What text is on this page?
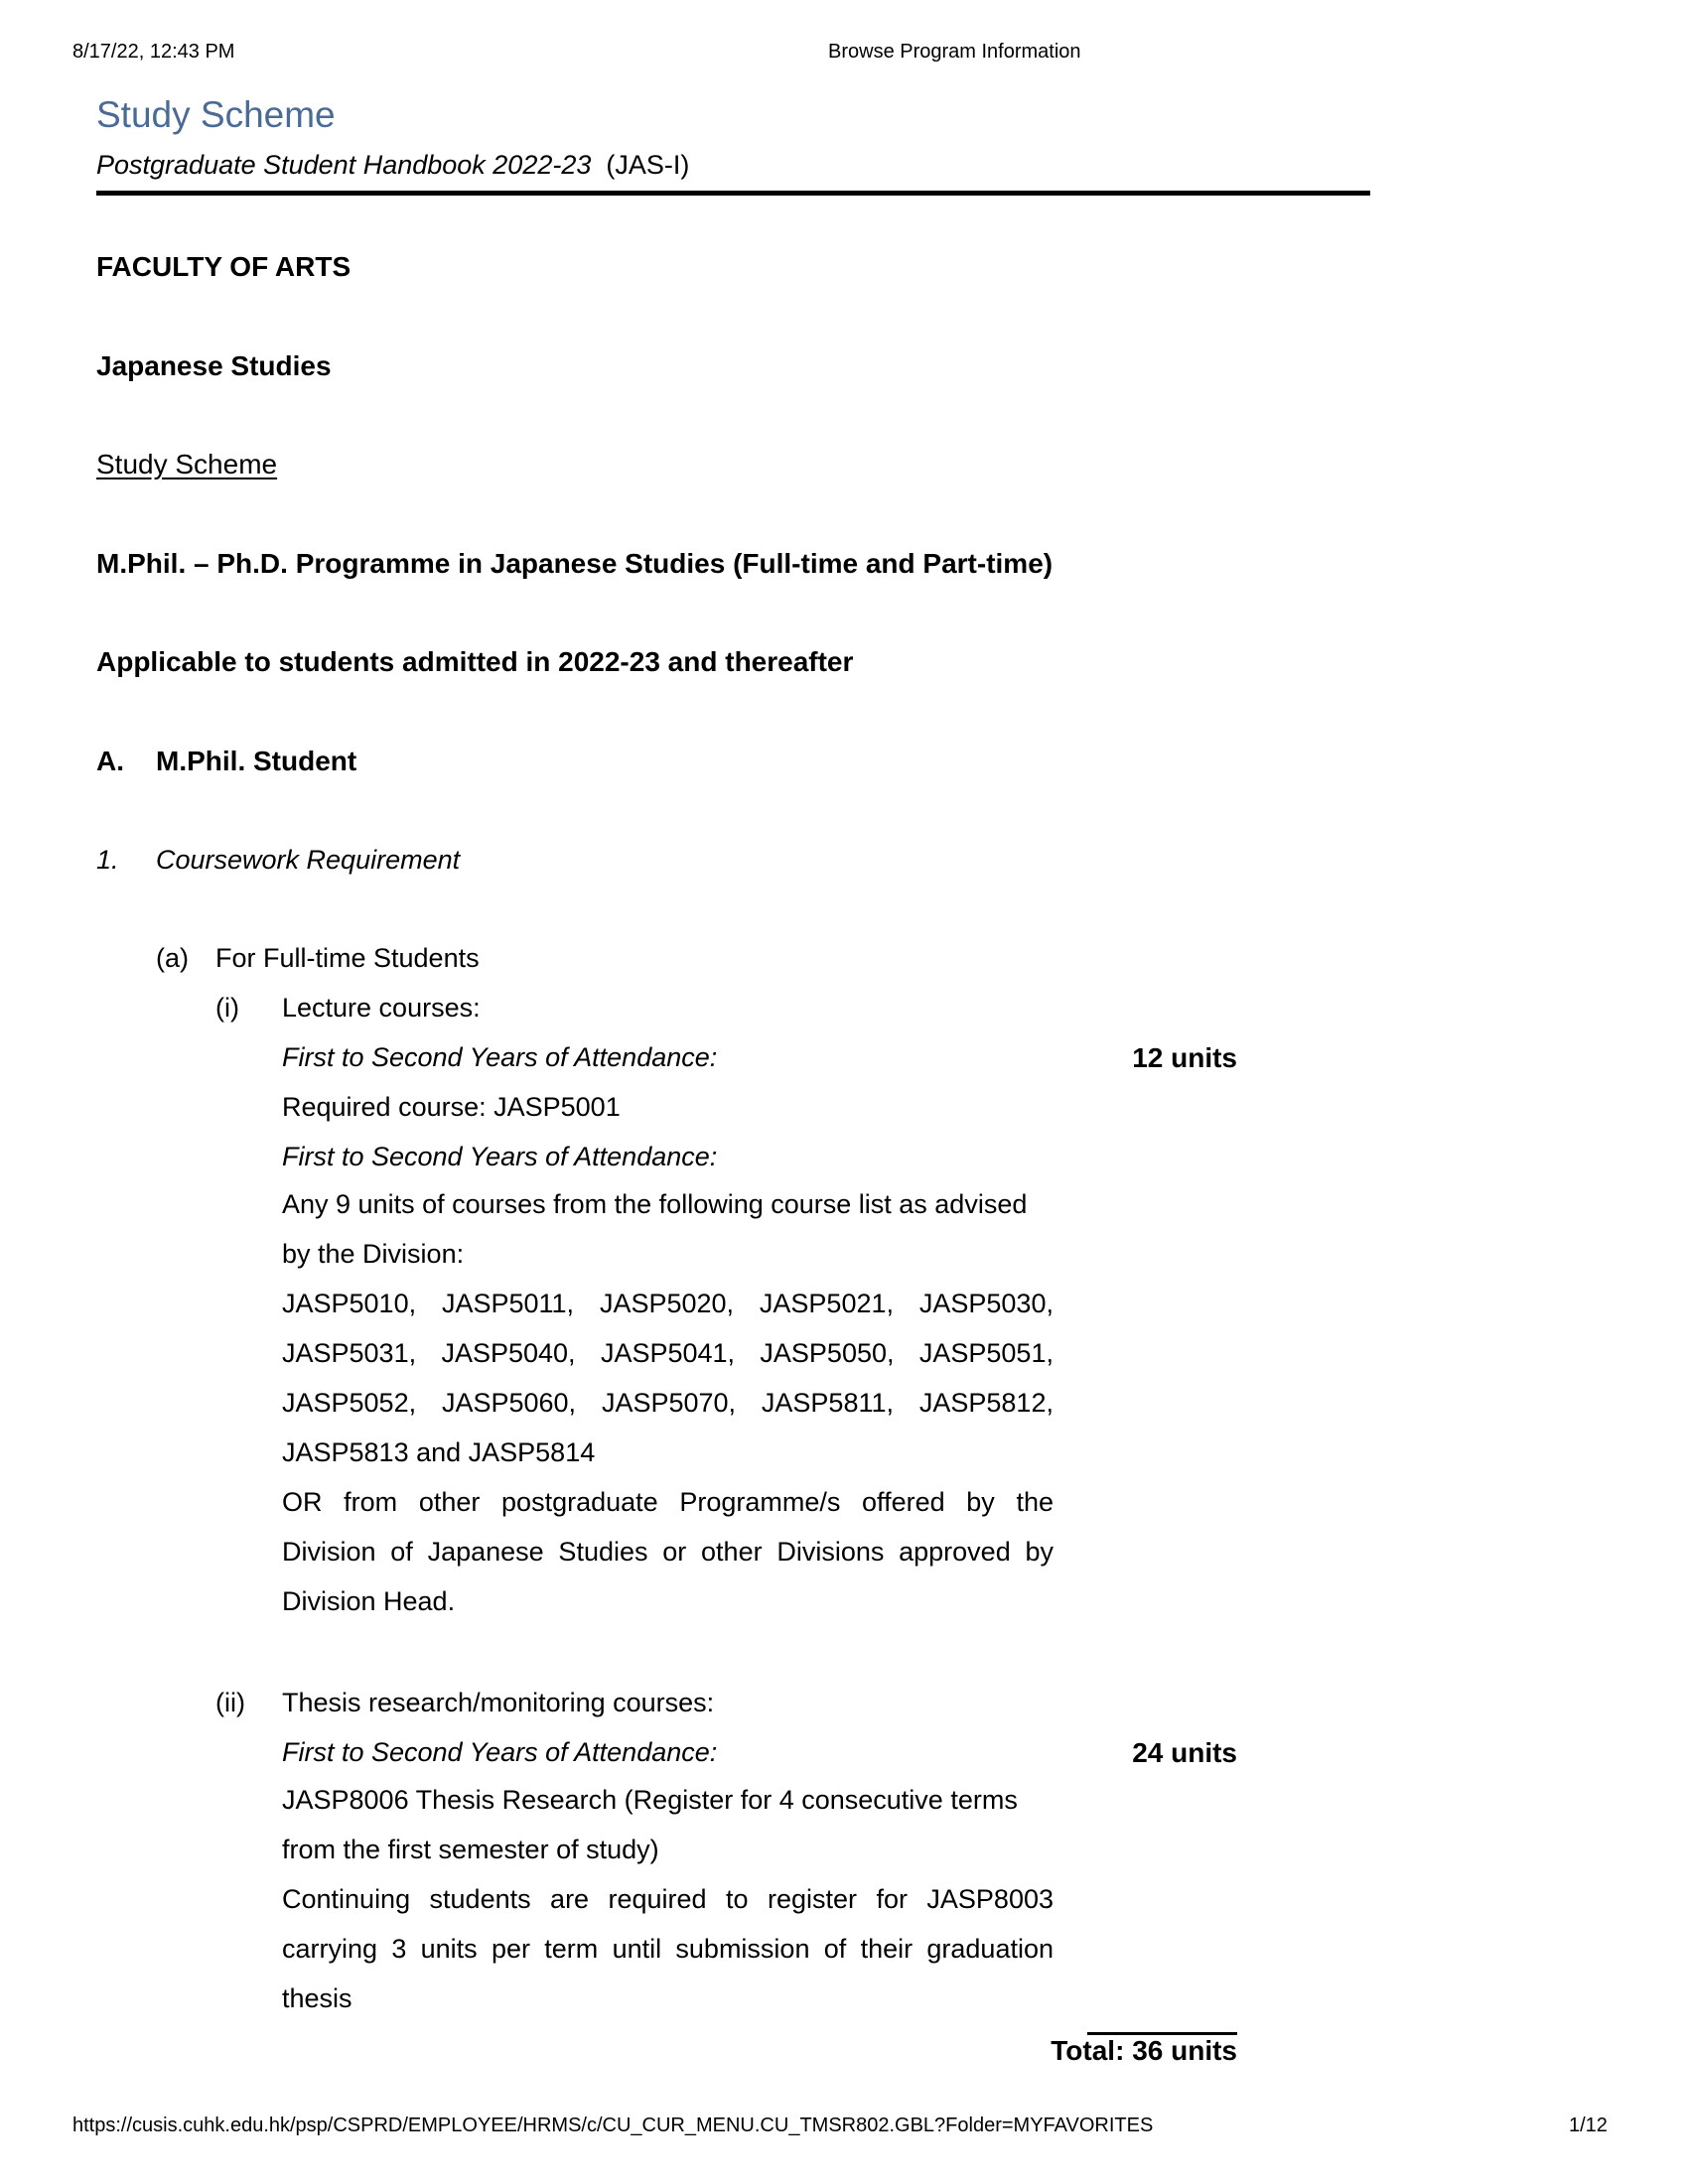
8/17/22, 12:43 PM	Browse Program Information
Study Scheme
Postgraduate Student Handbook 2022-23 (JAS-I)
FACULTY OF ARTS
Japanese Studies
Study Scheme
M.Phil. – Ph.D. Programme in Japanese Studies (Full-time and Part-time)
Applicable to students admitted in 2022-23 and thereafter
A. M.Phil. Student
1. Coursework Requirement
(a) For Full-time Students
(i) Lecture courses:
First to Second Years of Attendance:	12 units
Required course: JASP5001
First to Second Years of Attendance:
Any 9 units of courses from the following course list as advised by the Division:
JASP5010, JASP5011, JASP5020, JASP5021, JASP5030,
JASP5031, JASP5040, JASP5041, JASP5050, JASP5051,
JASP5052, JASP5060, JASP5070, JASP5811, JASP5812,
JASP5813 and JASP5814
OR from other postgraduate Programme/s offered by the Division of Japanese Studies or other Divisions approved by Division Head.
(ii) Thesis research/monitoring courses:
First to Second Years of Attendance:	24 units
JASP8006 Thesis Research (Register for 4 consecutive terms from the first semester of study)
Continuing students are required to register for JASP8003 carrying 3 units per term until submission of their graduation thesis
Total: 36 units
https://cusis.cuhk.edu.hk/psp/CSPRD/EMPLOYEE/HRMS/c/CU_CUR_MENU.CU_TMSR802.GBL?Folder=MYFAVORITES	1/12
